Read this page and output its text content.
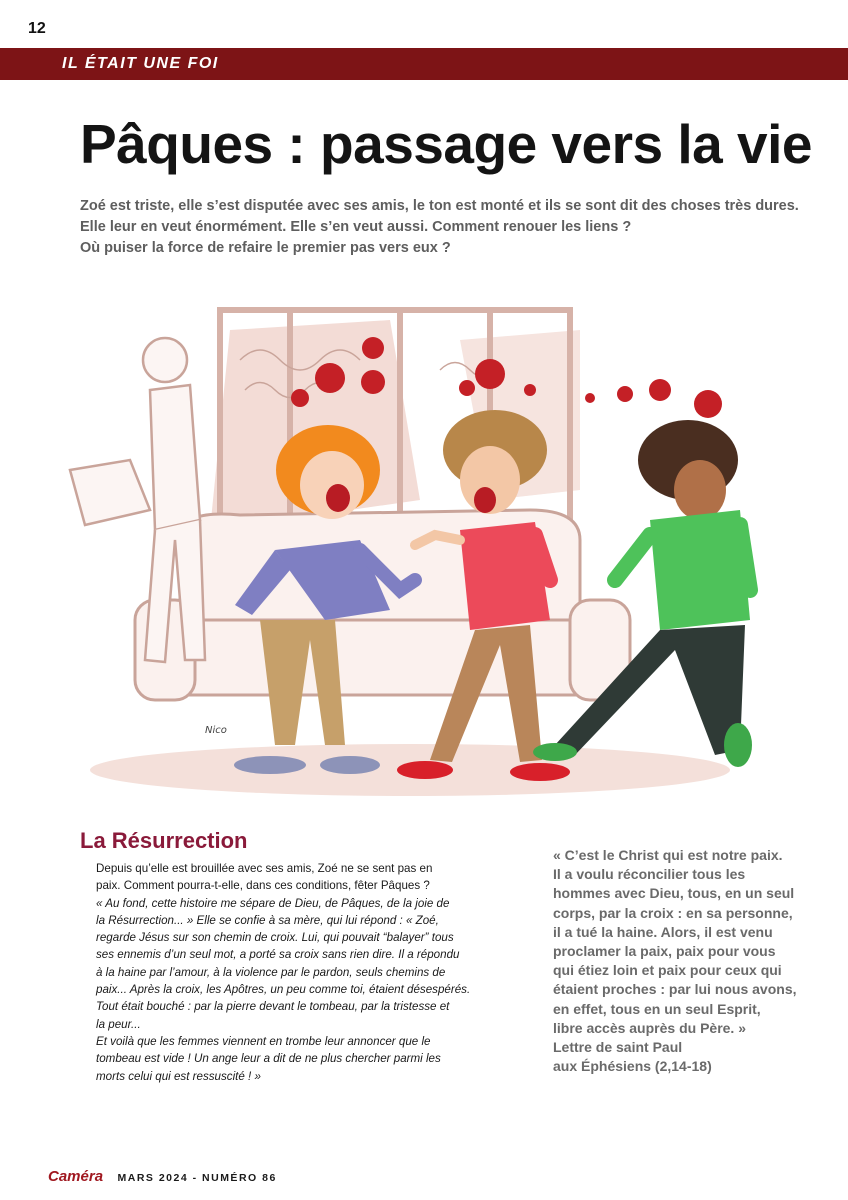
12
IL ÉTAIT UNE FOI
Pâques : passage vers la vie
Zoé est triste, elle s’est disputée avec ses amis, le ton est monté et ils se sont dit des choses très dures.
Elle leur en veut énormément. Elle s’en veut aussi. Comment renouer les liens ?
Où puiser la force de refaire le premier pas vers eux ?
Nico
La Résurrection
Depuis qu’elle est brouillée avec ses amis, Zoé ne se sent pas en
paix. Comment pourra-t-elle, dans ces conditions, fêter Pâques ?
« Au fond, cette histoire me sépare de Dieu, de Pâques, de la joie de
la Résurrection... » Elle se confie à sa mère, qui lui répond : « Zoé,
regarde Jésus sur son chemin de croix. Lui, qui pouvait “balayer” tous
ses ennemis d’un seul mot, a porté sa croix sans rien dire. Il a répondu
à la haine par l’amour, à la violence par le pardon, seuls chemins de
paix... Après la croix, les Apôtres, un peu comme toi, étaient désespérés.
Tout était bouché : par la pierre devant le tombeau, par la tristesse et
la peur...
Et voilà que les femmes viennent en trombe leur annoncer que le
tombeau est vide ! Un ange leur a dit de ne plus chercher parmi les
morts celui qui est ressuscité ! »
« C’est le Christ qui est notre paix.
Il a voulu réconcilier tous les
hommes avec Dieu, tous, en un seul
corps, par la croix : en sa personne,
il a tué la haine. Alors, il est venu
proclamer la paix, paix pour vous
qui étiez loin et paix pour ceux qui
étaient proches : par lui nous avons,
en effet, tous en un seul Esprit,
libre accès auprès du Père. »
Lettre de saint Paul
aux Éphésiens (2,14-18)
Caméra MARS 2024 - NUMÉRO 86
